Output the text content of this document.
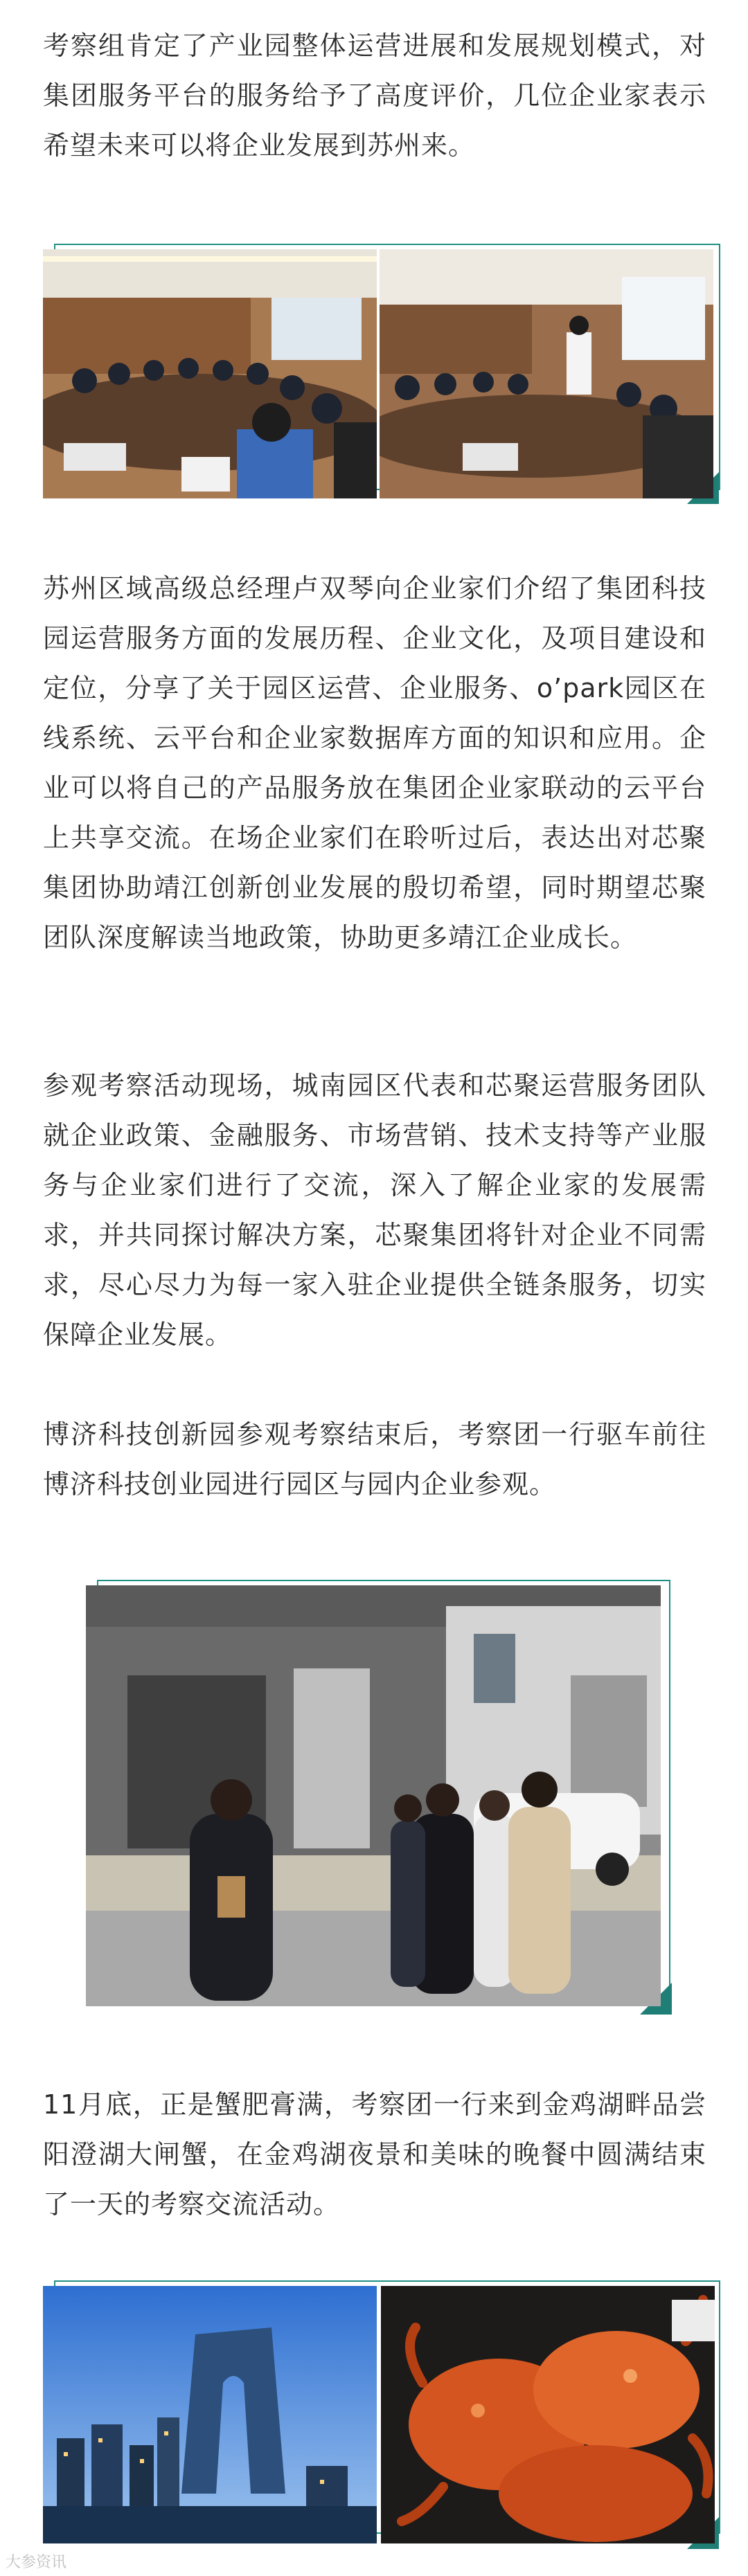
考察组肯定了产业园整体运营进展和发展规划模式，对集团服务平台的服务给予了高度评价，几位企业家表示希望未来可以将企业发展到苏州来。

苏州区域高级总经理卢双琴向企业家们介绍了集团科技园运营服务方面的发展历程、企业文化，及项目建设和定位，分享了关于园区运营、企业服务、o’park园区在线系统、云平台和企业家数据库方面的知识和应用。企业可以将自己的产品服务放在集团企业家联动的云平台上共享交流。在场企业家们在聆听过后，表达出对芯聚集团协助靖江创新创业发展的殷切希望，同时期望芯聚团队深度解读当地政策，协助更多靖江企业成长。

参观考察活动现场，城南园区代表和芯聚运营服务团队就企业政策、金融服务、市场营销、技术支持等产业服务与企业家们进行了交流，深入了解企业家的发展需求，并共同探讨解决方案，芯聚集团将针对企业不同需求，尽心尽力为每一家入驻企业提供全链条服务，切实保障企业发展。

博济科技创新园参观考察结束后，考察团一行驱车前往博济科技创业园进行园区与园内企业参观。

11月底，正是蟹肥膏满，考察团一行来到金鸡湖畔品尝阳澄湖大闸蟹，在金鸡湖夜景和美味的晚餐中圆满结束了一天的考察交流活动。

大参资讯
